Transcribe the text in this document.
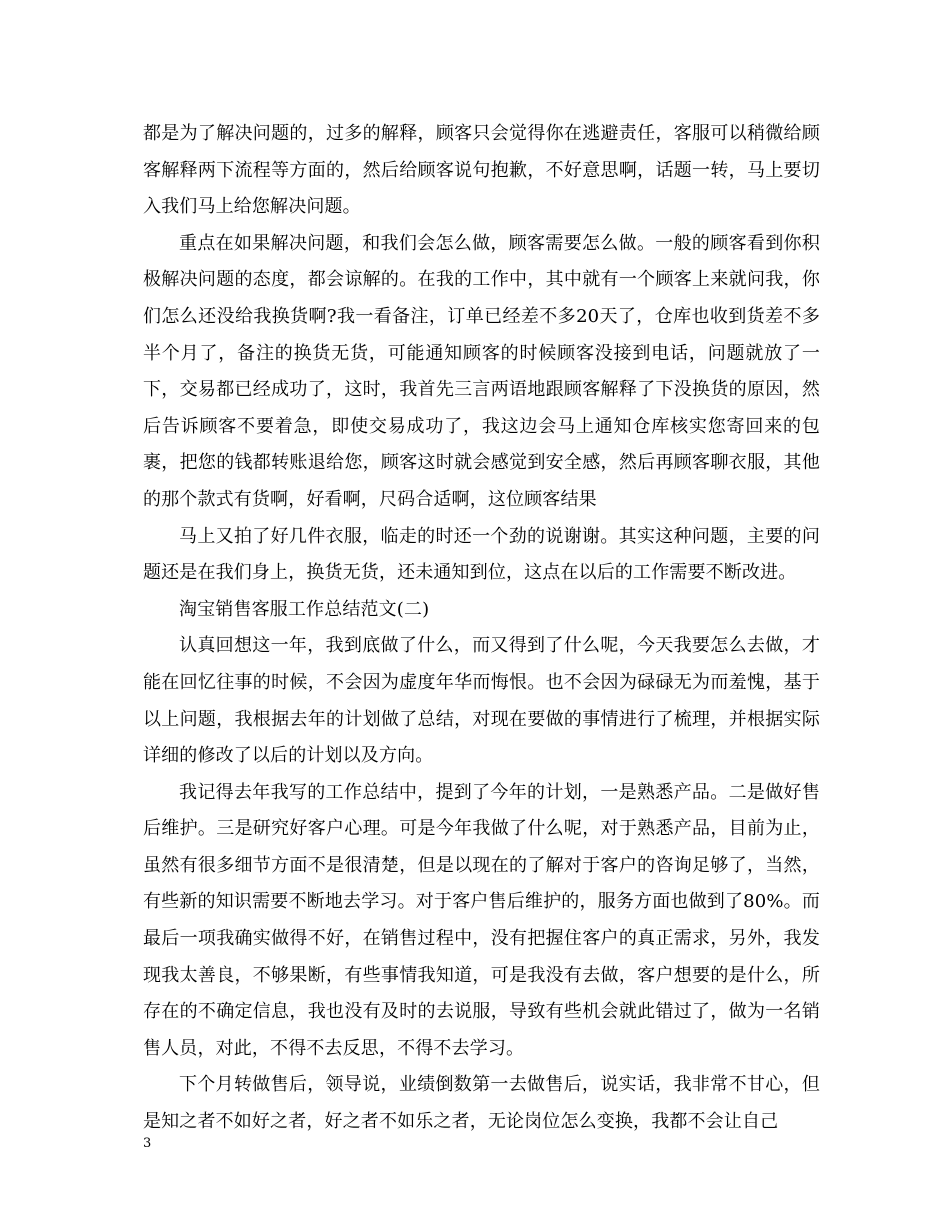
都是为了解决问题的，过多的解释，顾客只会觉得你在逃避责任，客服可以稍微给顾客解释两下流程等方面的，然后给顾客说句抱歉，不好意思啊，话题一转，马上要切入我们马上给您解决问题。

重点在如果解决问题，和我们会怎么做，顾客需要怎么做。一般的顾客看到你积极解决问题的态度，都会谅解的。在我的工作中，其中就有一个顾客上来就问我，你们怎么还没给我换货啊?我一看备注，订单已经差不多20天了，仓库也收到货差不多半个月了，备注的换货无货，可能通知顾客的时候顾客没接到电话，问题就放了一下，交易都已经成功了，这时，我首先三言两语地跟顾客解释了下没换货的原因，然后告诉顾客不要着急，即使交易成功了，我这边会马上通知仓库核实您寄回来的包裹，把您的钱都转账退给您，顾客这时就会感觉到安全感，然后再顾客聊衣服，其他的那个款式有货啊，好看啊，尺码合适啊，这位顾客结果

马上又拍了好几件衣服，临走的时还一个劲的说谢谢。其实这种问题，主要的问题还是在我们身上，换货无货，还未通知到位，这点在以后的工作需要不断改进。

淘宝销售客服工作总结范文(二)

认真回想这一年，我到底做了什么，而又得到了什么呢，今天我要怎么去做，才能在回忆往事的时候，不会因为虚度年华而悔恨。也不会因为碌碌无为而羞愧，基于以上问题，我根据去年的计划做了总结，对现在要做的事情进行了梳理，并根据实际详细的修改了以后的计划以及方向。

我记得去年我写的工作总结中，提到了今年的计划，一是熟悉产品。二是做好售后维护。三是研究好客户心理。可是今年我做了什么呢，对于熟悉产品，目前为止，虽然有很多细节方面不是很清楚，但是以现在的了解对于客户的咨询足够了，当然，有些新的知识需要不断地去学习。对于客户售后维护的，服务方面也做到了80%。而最后一项我确实做得不好，在销售过程中，没有把握住客户的真正需求，另外，我发现我太善良，不够果断，有些事情我知道，可是我没有去做，客户想要的是什么，所存在的不确定信息，我也没有及时的去说服，导致有些机会就此错过了，做为一名销售人员，对此，不得不去反思，不得不去学习。

下个月转做售后，领导说，业绩倒数第一去做售后，说实话，我非常不甘心，但是知之者不如好之者，好之者不如乐之者，无论岗位怎么变换，我都不会让自己

3
